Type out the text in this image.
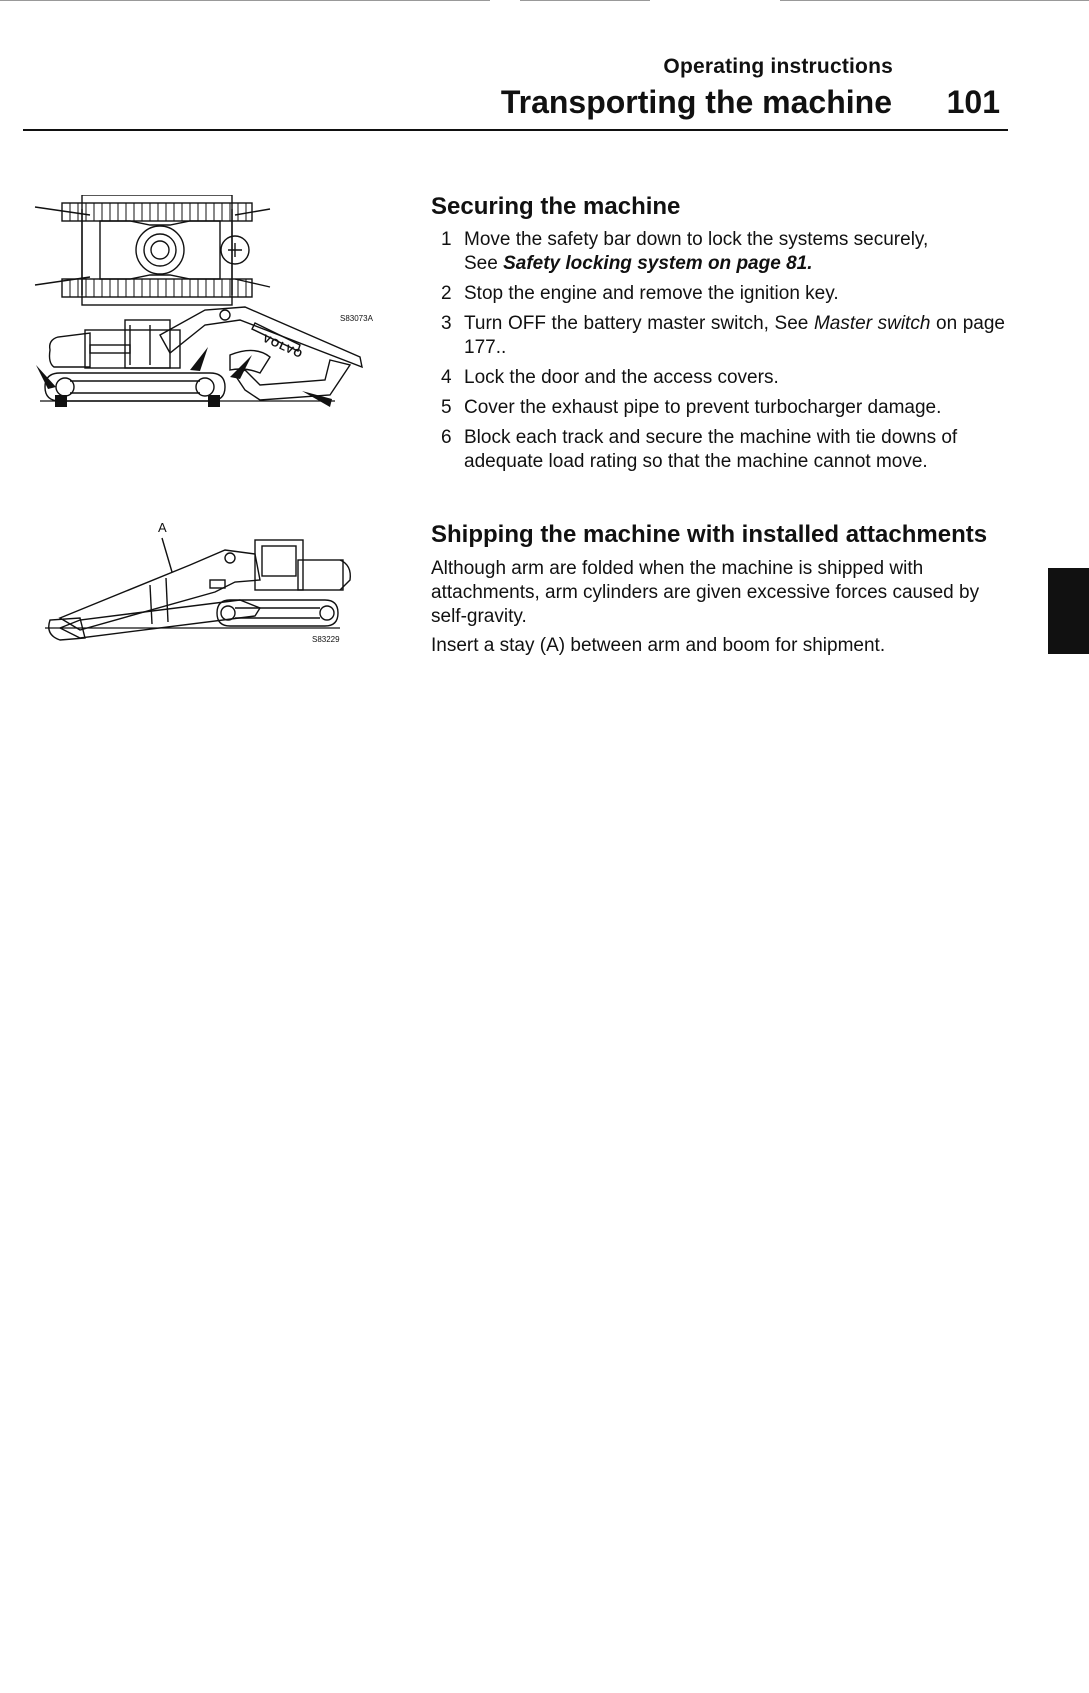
Operating instructions
Transporting the machine 101
S83073A
VOLVO
A
S83229
Securing the machine
1 Move the safety bar down to lock the systems securely,
See Safety locking system on page 81.
2 Stop the engine and remove the ignition key.
3 Turn OFF the battery master switch, See Master switch on page 177..
4 Lock the door and the access covers.
5 Cover the exhaust pipe to prevent turbocharger damage.
6 Block each track and secure the machine with tie downs of adequate load rating so that the machine cannot move.
Shipping the machine with installed attachments

Although arm are folded when the machine is shipped with attachments, arm cylinders are given excessive forces caused by self-gravity.

Insert a stay (A) between arm and boom for shipment.
